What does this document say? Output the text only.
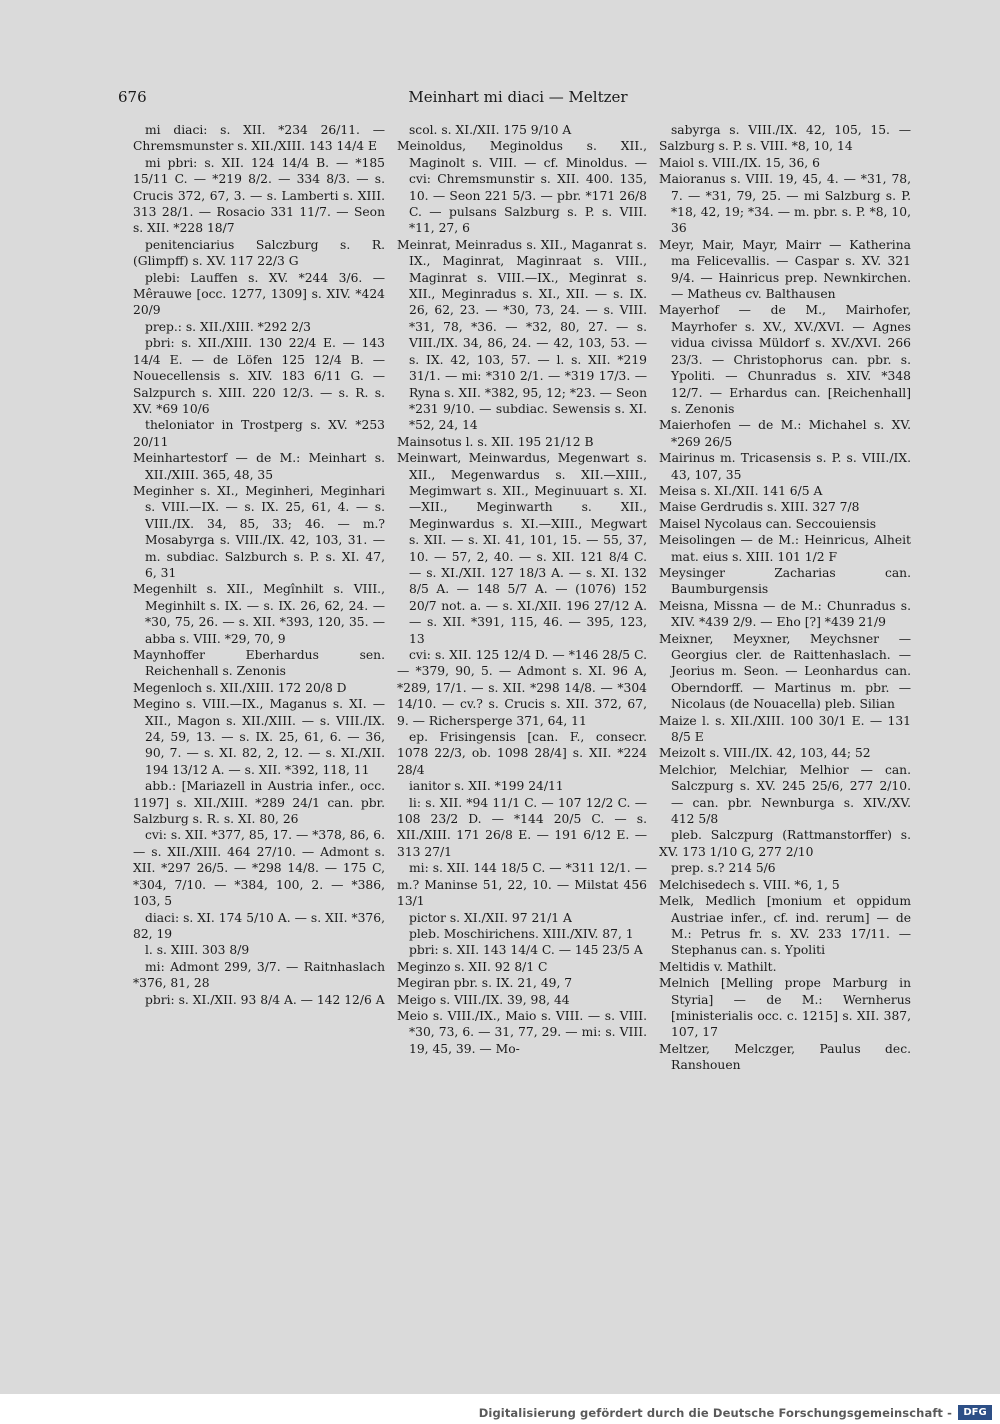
676	Meinhart mi diaci — Meltzer

mi diaci: s. XII. *234 26/11. — Chremsmunster s. XII./XIII. 143 14/4 E

mi pbri: s. XII. 124 14/4 B. — *185 15/11 C. — *219 8/2. — 334 8/3. — s. Crucis 372, 67, 3. — s. Lamberti s. XIII. 313 28/1. — Rosacio 331 11/7. — Seon s. XII. *228 18/7

penitenciarius Salczburg s. R. (Glimpff) s. XV. 117 22/3 G

plebi: Lauffen s. XV. *244 3/6. — Mêrauwe [occ. 1277, 1309] s. XIV. *424 20/9

prep.: s. XII./XIII. *292 2/3

pbri: s. XII./XIII. 130 22/4 E. — 143 14/4 E. — de Löfen 125 12/4 B. — Nouecellensis s. XIV. 183 6/11 G. — Salzpurch s. XIII. 220 12/3. — s. R. s. XV. *69 10/6

theloniator in Trostperg s. XV. *253 20/11

Meinhartestorf — de M.: Meinhart s. XII./XIII. 365, 48, 35

Meginher s. XI., Meginheri, Meginhari s. VIII.—IX. — s. IX. 25, 61, 4. — s. VIII./IX. 34, 85, 33; 46. — m.? Mosabyrga s. VIII./IX. 42, 103, 31. — m. subdiac. Salzburch s. P. s. XI. 47, 6, 31

Megenhilt s. XII., Megînhilt s. VIII., Meginhilt s. IX. — s. IX. 26, 62, 24. — *30, 75, 26. — s. XII. *393, 120, 35. — abba s. VIII. *29, 70, 9

Maynhoffer Eberhardus sen. Reichenhall s. Zenonis

Megenloch s. XII./XIII. 172 20/8 D

Megino s. VIII.—IX., Maganus s. XI. —XII., Magon s. XII./XIII. — s. VIII./IX. 24, 59, 13. — s. IX. 25, 61, 6. — 36, 90, 7. — s. XI. 82, 2, 12. — s. XI./XII. 194 13/12 A. — s. XII. *392, 118, 11

abb.: [Mariazell in Austria infer., occ. 1197] s. XII./XIII. *289 24/1 can. pbr. Salzburg s. R. s. XI. 80, 26

cvi: s. XII. *377, 85, 17. — *378, 86, 6. — s. XII./XIII. 464 27/10. — Admont s. XII. *297 26/5. — *298 14/8. — 175 C, *304, 7/10. — *384, 100, 2. — *386, 103, 5

diaci: s. XI. 174 5/10 A. — s. XII. *376, 82, 19

l. s. XIII. 303 8/9

mi: Admont 299, 3/7. — Raitnhaslach *376, 81, 28

pbri: s. XI./XII. 93 8/4 A. — 142 12/6 A

scol. s. XI./XII. 175 9/10 A

Meinoldus, Meginoldus s. XII., Maginolt s. VIII. — cf. Minoldus. — cvi: Chremsmunstir s. XII. 400. 135, 10. — Seon 221 5/3. — pbr. *171 26/8 C. — pulsans Salzburg s. P. s. VIII. *11, 27, 6

Meinrat, Meinradus s. XII., Maganrat s. IX., Maginrat, Maginraat s. VIII., Maginrat s. VIII.—IX., Meginrat s. XII., Meginradus s. XI., XII. — s. IX. 26, 62, 23. — *30, 73, 24. — s. VIII. *31, 78, *36. — *32, 80, 27. — s. VIII./IX. 34, 86, 24. — 42, 103, 53. — s. IX. 42, 103, 57. — l. s. XII. *219 31/1. — mi: *310 2/1. — *319 17/3. — Ryna s. XII. *382, 95, 12; *23. — Seon *231 9/10. — subdiac. Sewensis s. XI. *52, 24, 14

Mainsotus l. s. XII. 195 21/12 B

Meinwart, Meinwardus, Megenwart s. XII., Megenwardus s. XII.—XIII., Megimwart s. XII., Meginuuart s. XI.—XII., Meginwarth s. XII., Meginwardus s. XI.—XIII., Megwart s. XII. — s. XI. 41, 101, 15. — 55, 37, 10. — 57, 2, 40. — s. XII. 121 8/4 C. — s. XI./XII. 127 18/3 A. — s. XI. 132 8/5 A. — 148 5/7 A. — (1076) 152 20/7 not. a. — s. XI./XII. 196 27/12 A. — s. XII. *391, 115, 46. — 395, 123, 13

cvi: s. XII. 125 12/4 D. — *146 28/5 C. — *379, 90, 5. — Admont s. XI. 96 A, *289, 17/1. — s. XII. *298 14/8. — *304 14/10. — cv.? s. Crucis s. XII. 372, 67, 9. — Richersperge 371, 64, 11

ep. Frisingensis [can. F., consecr. 1078 22/3, ob. 1098 28/4] s. XII. *224 28/4

ianitor s. XII. *199 24/11

li: s. XII. *94 11/1 C. — 107 12/2 C. — 108 23/2 D. — *144 20/5 C. — s. XII./XIII. 171 26/8 E. — 191 6/12 E. — 313 27/1

mi: s. XII. 144 18/5 C. — *311 12/1. — m.? Maninse 51, 22, 10. — Milstat 456 13/1

pictor s. XI./XII. 97 21/1 A

pleb. Moschirichens. XIII./XIV. 87, 1

pbri: s. XII. 143 14/4 C. — 145 23/5 A

Meginzo s. XII. 92 8/1 C

Megiran pbr. s. IX. 21, 49, 7

Meigo s. VIII./IX. 39, 98, 44

Meio s. VIII./IX., Maio s. VIII. — s. VIII. *30, 73, 6. — 31, 77, 29. — mi: s. VIII. 19, 45, 39. — Mo-

sabyrga s. VIII./IX. 42, 105, 15. — Salzburg s. P. s. VIII. *8, 10, 14

Maiol s. VIII./IX. 15, 36, 6

Maioranus s. VIII. 19, 45, 4. — *31, 78, 7. — *31, 79, 25. — mi Salzburg s. P. *18, 42, 19; *34. — m. pbr. s. P. *8, 10, 36

Meyr, Mair, Mayr, Mairr — Katherina ma Felicevallis. — Caspar s. XV. 321 9/4. — Hainricus prep. Newnkirchen. — Matheus cv. Balthausen

Mayerhof — de M., Mairhofer, Mayrhofer s. XV., XV./XVI. — Agnes vidua civissa Müldorf s. XV./XVI. 266 23/3. — Christophorus can. pbr. s. Ypoliti. — Chunradus s. XIV. *348 12/7. — Erhardus can. [Reichenhall] s. Zenonis

Maierhofen — de M.: Michahel s. XV. *269 26/5

Mairinus m. Tricasensis s. P. s. VIII./IX. 43, 107, 35

Meisa s. XI./XII. 141 6/5 A

Maise Gerdrudis s. XIII. 327 7/8

Maisel Nycolaus can. Seccouiensis

Meisolingen — de M.: Heinricus, Alheit mat. eius s. XIII. 101 1/2 F

Meysinger Zacharias can. Baumburgensis

Meisna, Missna — de M.: Chunradus s. XIV. *439 2/9. — Eho [?] *439 21/9

Meixner, Meyxner, Meychsner — Georgius cler. de Raittenhaslach. — Jeorius m. Seon. — Leonhardus can. Oberndorff. — Martinus m. pbr. — Nicolaus (de Nouacella) pleb. Silian

Maize l. s. XII./XIII. 100 30/1 E. — 131 8/5 E

Meizolt s. VIII./IX. 42, 103, 44; 52

Melchior, Melchiar, Melhior — can. Salczpurg s. XV. 245 25/6, 277 2/10. — can. pbr. Newnburga s. XIV./XV. 412 5/8

pleb. Salczpurg (Rattmanstorffer) s. XV. 173 1/10 G, 277 2/10

prep. s.? 214 5/6

Melchisedech s. VIII. *6, 1, 5

Melk, Medlich [monium et oppidum Austriae infer., cf. ind. rerum] — de M.: Petrus fr. s. XV. 233 17/11. — Stephanus can. s. Ypoliti

Meltidis v. Mathilt.

Melnich [Melling prope Marburg in Styria] — de M.: Wernherus [ministerialis occ. c. 1215] s. XII. 387, 107, 17

Meltzer, Melczger, Paulus dec. Ranshouen

Digitalisierung gefördert durch die Deutsche Forschungsgemeinschaft -	DFG
